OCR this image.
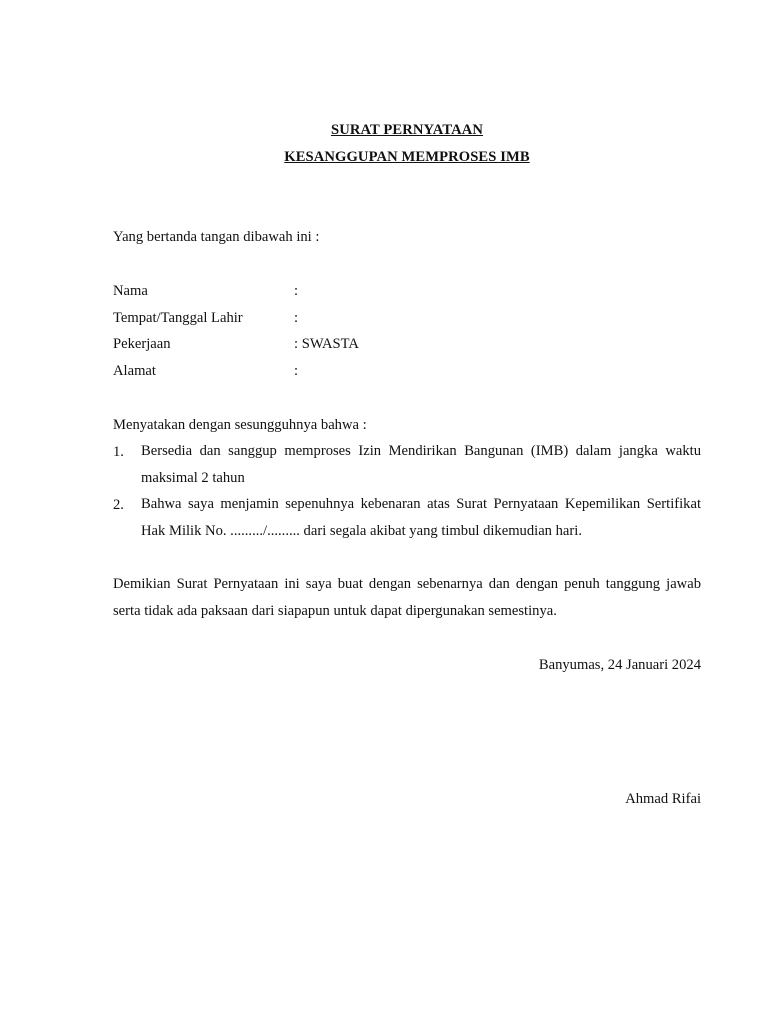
SURAT PERNYATAAN
KESANGGUPAN MEMPROSES IMB
Yang bertanda tangan dibawah ini :
Nama	:
Tempat/Tanggal Lahir	:
Pekerjaan	: SWASTA
Alamat	:
Menyatakan dengan sesungguhnya bahwa :
1. Bersedia dan sanggup memproses Izin Mendirikan Bangunan (IMB) dalam jangka waktu maksimal 2 tahun
2. Bahwa saya menjamin sepenuhnya kebenaran atas Surat Pernyataan Kepemilikan Sertifikat Hak Milik No. ........./......... dari segala akibat yang timbul dikemudian hari.
Demikian Surat Pernyataan ini saya buat dengan sebenarnya dan dengan penuh tanggung jawab serta tidak ada paksaan dari siapapun untuk dapat dipergunakan semestinya.
Banyumas, 24 Januari 2024
Ahmad Rifai
